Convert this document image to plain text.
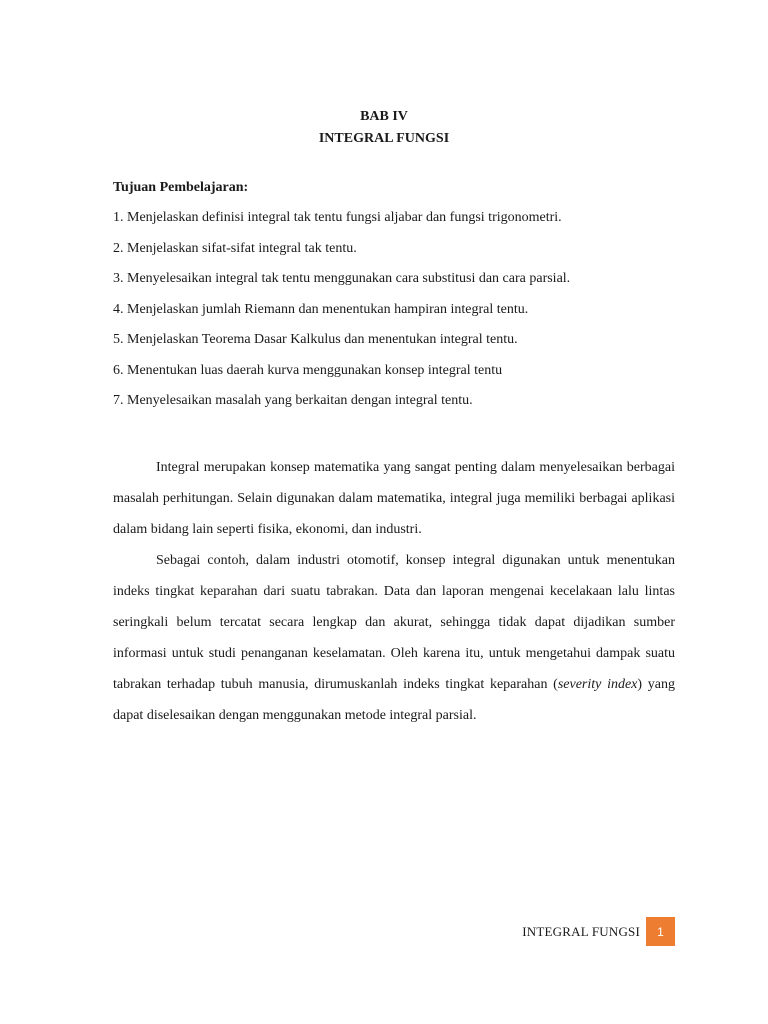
BAB IV
INTEGRAL FUNGSI
Tujuan Pembelajaran:
1. Menjelaskan definisi integral tak tentu fungsi aljabar dan fungsi trigonometri.
2. Menjelaskan sifat-sifat integral tak tentu.
3. Menyelesaikan integral tak tentu menggunakan cara substitusi dan cara parsial.
4. Menjelaskan jumlah Riemann dan menentukan hampiran integral tentu.
5. Menjelaskan Teorema Dasar Kalkulus dan menentukan integral tentu.
6. Menentukan luas daerah kurva menggunakan konsep integral tentu
7. Menyelesaikan masalah yang berkaitan dengan integral tentu.

Integral merupakan konsep matematika yang sangat penting dalam menyelesaikan berbagai masalah perhitungan. Selain digunakan dalam matematika, integral juga memiliki berbagai aplikasi dalam bidang lain seperti fisika, ekonomi, dan industri.

Sebagai contoh, dalam industri otomotif, konsep integral digunakan untuk menentukan indeks tingkat keparahan dari suatu tabrakan. Data dan laporan mengenai kecelakaan lalu lintas seringkali belum tercatat secara lengkap dan akurat, sehingga tidak dapat dijadikan sumber informasi untuk studi penanganan keselamatan. Oleh karena itu, untuk mengetahui dampak suatu tabrakan terhadap tubuh manusia, dirumuskanlah indeks tingkat keparahan (severity index) yang dapat diselesaikan dengan menggunakan metode integral parsial.

INTEGRAL FUNGSI	1
